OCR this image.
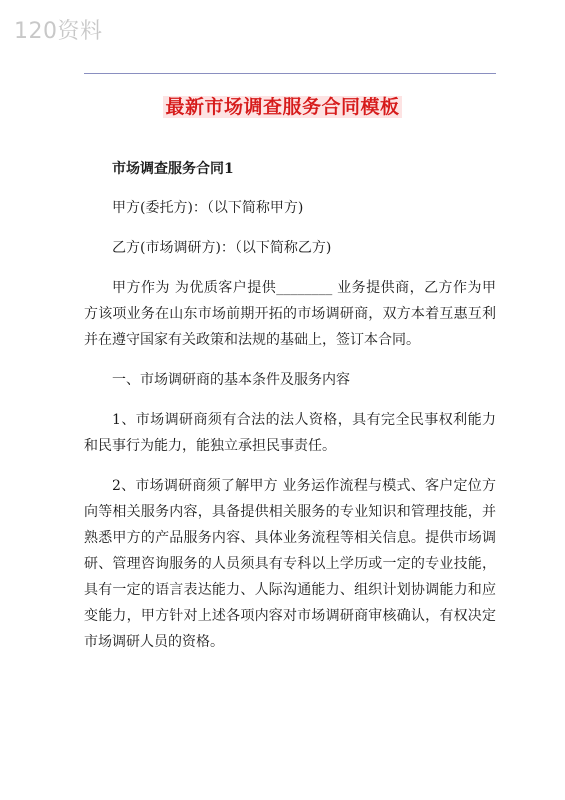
120资料
最新市场调查服务合同模板

市场调查服务合同1

甲方(委托方)：（以下简称甲方)

乙方(市场调研方)：（以下简称乙方)

甲方作为 为优质客户提供________ 业务提供商，乙方作为甲方该项业务在山东市场前期开拓的市场调研商，双方本着互惠互利并在遵守国家有关政策和法规的基础上，签订本合同。

一、市场调研商的基本条件及服务内容

1、市场调研商须有合法的法人资格，具有完全民事权利能力和民事行为能力，能独立承担民事责任。

2、市场调研商须了解甲方 业务运作流程与模式、客户定位方向等相关服务内容，具备提供相关服务的专业知识和管理技能，并熟悉甲方的产品服务内容、具体业务流程等相关信息。提供市场调研、管理咨询服务的人员须具有专科以上学历或一定的专业技能，具有一定的语言表达能力、人际沟通能力、组织计划协调能力和应变能力，甲方针对上述各项内容对市场调研商审核确认，有权决定市场调研人员的资格。
